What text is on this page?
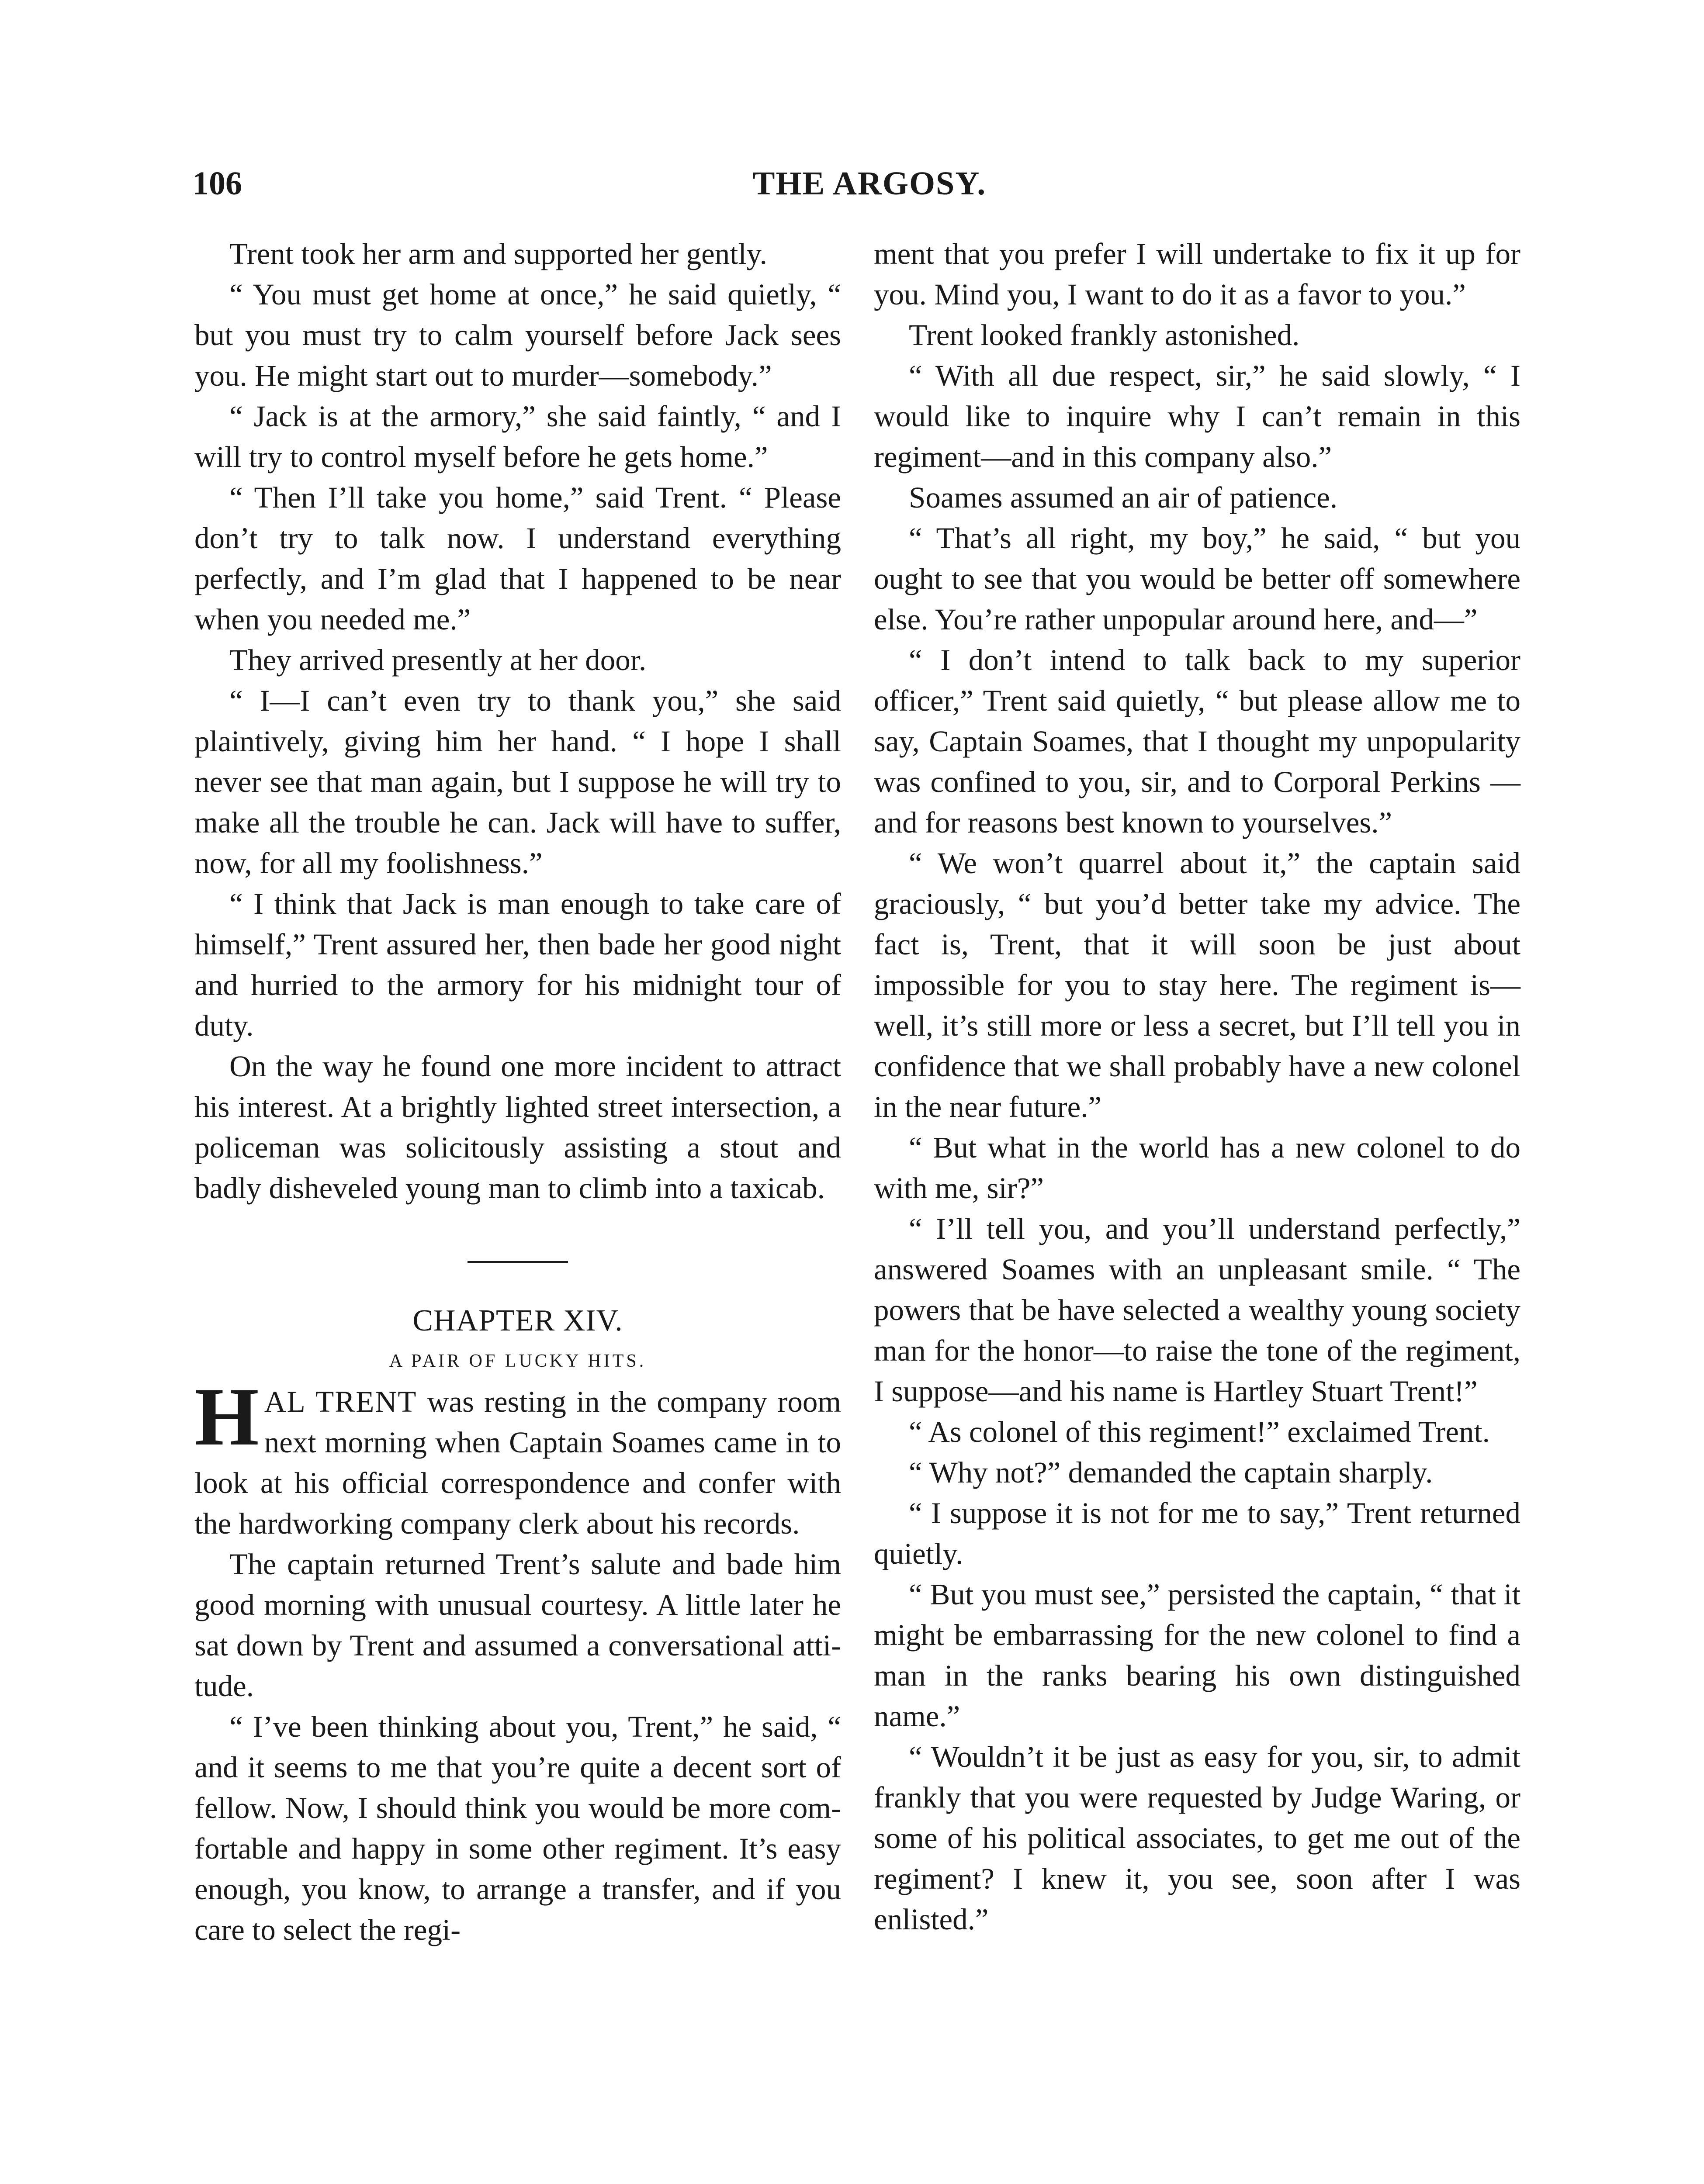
106	THE ARGOSY.

Trent took her arm and supported her gently.

“ You must get home at once,” he said quietly, “ but you must try to calm yourself before Jack sees you. He might start out to murder—somebody.”

“ Jack is at the armory,” she said faintly, “ and I will try to control myself before he gets home.”

“ Then I’ll take you home,” said Trent. “ Please don’t try to talk now. I understand everything perfectly, and I’m glad that I happened to be near when you needed me.”

They arrived presently at her door.

“ I—I can’t even try to thank you,” she said plaintively, giving him her hand. “ I hope I shall never see that man again, but I suppose he will try to make all the trouble he can. Jack will have to suffer, now, for all my foolishness.”

“ I think that Jack is man enough to take care of himself,” Trent assured her, then bade her good night and hurried to the armory for his midnight tour of duty.

On the way he found one more incident to attract his interest. At a brightly lighted street intersection, a policeman was solicitously assisting a stout and badly disheveled young man to climb into a taxicab.

CHAPTER XIV.

A PAIR OF LUCKY HITS.

HAL TRENT was resting in the company room next morning when Captain Soames came in to look at his official correspondence and confer with the hardworking company clerk about his records.

The captain returned Trent’s salute and bade him good morning with unusual courtesy. A little later he sat down by Trent and assumed a conversational attitude.

“ I’ve been thinking about you, Trent,” he said, “ and it seems to me that you’re quite a decent sort of fellow. Now, I should think you would be more comfortable and happy in some other regiment. It’s easy enough, you know, to arrange a transfer, and if you care to select the regi-

ment that you prefer I will undertake to fix it up for you. Mind you, I want to do it as a favor to you.”

Trent looked frankly astonished.

“ With all due respect, sir,” he said slowly, “ I would like to inquire why I can’t remain in this regiment—and in this company also.”

Soames assumed an air of patience.

“ That’s all right, my boy,” he said, “ but you ought to see that you would be better off somewhere else. You’re rather unpopular around here, and—”

“ I don’t intend to talk back to my superior officer,” Trent said quietly, “ but please allow me to say, Captain Soames, that I thought my unpopularity was confined to you, sir, and to Corporal Perkins —and for reasons best known to yourselves.”

“ We won’t quarrel about it,” the captain said graciously, “ but you’d better take my advice. The fact is, Trent, that it will soon be just about impossible for you to stay here. The regiment is—well, it’s still more or less a secret, but I’ll tell you in confidence that we shall probably have a new colonel in the near future.”

“ But what in the world has a new colonel to do with me, sir?”

“ I’ll tell you, and you’ll understand perfectly,” answered Soames with an unpleasant smile. “ The powers that be have selected a wealthy young society man for the honor—to raise the tone of the regiment, I suppose—and his name is Hartley Stuart Trent!”

“ As colonel of this regiment!” exclaimed Trent.

“ Why not?” demanded the captain sharply.

“ I suppose it is not for me to say,” Trent returned quietly.

“ But you must see,” persisted the captain, “ that it might be embarrassing for the new colonel to find a man in the ranks bearing his own distinguished name.”

“ Wouldn’t it be just as easy for you, sir, to admit frankly that you were requested by Judge Waring, or some of his political associates, to get me out of the regiment? I knew it, you see, soon after I was enlisted.”
